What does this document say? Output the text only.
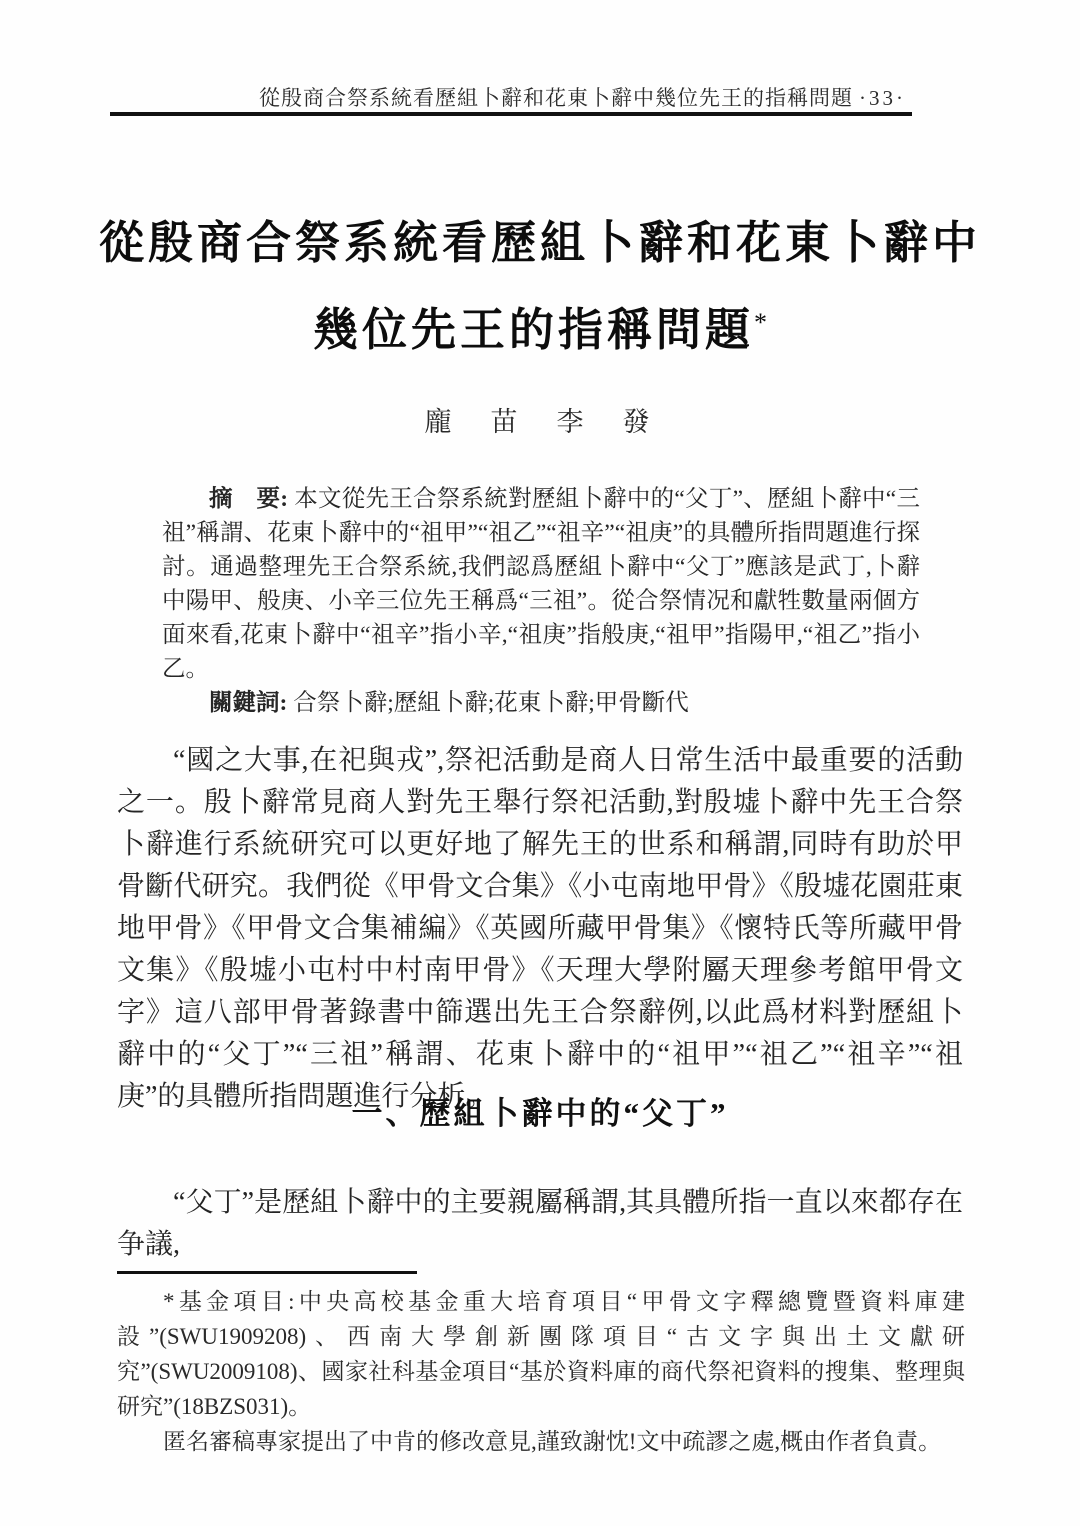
從殷商合祭系統看歷組卜辭和花東卜辭中幾位先王的指稱問題 ·33·
從殷商合祭系統看歷組卜辭和花東卜辭中
幾位先王的指稱問題*
龐　苗　李　發

摘　要: 本文從先王合祭系統對歷組卜辭中的“父丁”、歷組卜辭中“三祖”稱謂、花東卜辭中的“祖甲”“祖乙”“祖辛”“祖庚”的具體所指問題進行探討。通過整理先王合祭系統,我們認爲歷組卜辭中“父丁”應該是武丁,卜辭中陽甲、般庚、小辛三位先王稱爲“三祖”。從合祭情况和獻牲數量兩個方面來看,花東卜辭中“祖辛”指小辛,“祖庚”指般庚,“祖甲”指陽甲,“祖乙”指小乙。

關鍵詞: 合祭卜辭;歷組卜辭;花東卜辭;甲骨斷代

“國之大事,在祀與戎”,祭祀活動是商人日常生活中最重要的活動之一。殷卜辭常見商人對先王舉行祭祀活動,對殷墟卜辭中先王合祭卜辭進行系統研究可以更好地了解先王的世系和稱謂,同時有助於甲骨斷代研究。我們從《甲骨文合集》《小屯南地甲骨》《殷墟花園莊東地甲骨》《甲骨文合集補編》《英國所藏甲骨集》《懷特氏等所藏甲骨文集》《殷墟小屯村中村南甲骨》《天理大學附屬天理參考館甲骨文字》這八部甲骨著錄書中篩選出先王合祭辭例,以此爲材料對歷組卜辭中的“父丁”“三祖”稱謂、花東卜辭中的“祖甲”“祖乙”“祖辛”“祖庚”的具體所指問題進行分析。

一、歷組卜辭中的“父丁”

“父丁”是歷組卜辭中的主要親屬稱謂,其具體所指一直以來都存在争議,

*基金項目:中央高校基金重大培育項目“甲骨文字釋總覽暨資料庫建設”(SWU1909208)、西南大學創新團隊項目“古文字與出土文獻研究”(SWU2009108)、國家社科基金項目“基於資料庫的商代祭祀資料的搜集、整理與研究”(18BZS031)。

匿名審稿專家提出了中肯的修改意見,謹致謝忱!文中疏謬之處,概由作者負責。
